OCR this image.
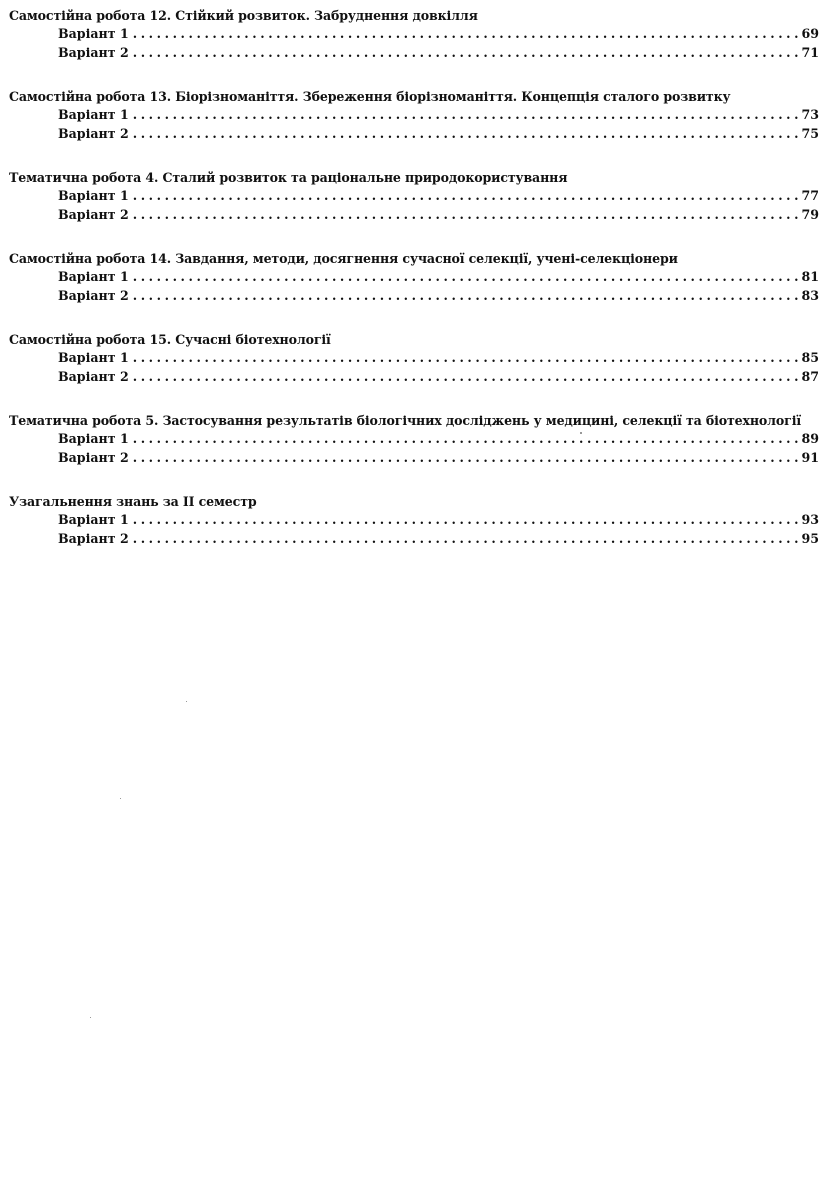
Самостійна робота 12. Стійкий розвиток. Забруднення довкілля
Варіант 1 . . .	69
Варіант 2 . . .	71
Самостійна робота 13. Біорізноманіття. Збереження біорізноманіття. Концепція сталого розвитку
Варіант 1 . . .	73
Варіант 2 . . .	75
Тематична робота 4. Сталий розвиток та раціональне природокористування
Варіант 1 . . .	77
Варіант 2 . . .	79
Самостійна робота 14. Завдання, методи, досягнення сучасної селекції, учені-селекціонери
Варіант 1 . . .	81
Варіант 2 . . .	83
Самостійна робота 15. Сучасні біотехнології
Варіант 1 . . .	85
Варіант 2 . . .	87
Тематична робота 5. Застосування результатів біологічних досліджень у медицині, селекції та біотехнології
Варіант 1 . . .	89
Варіант 2 . . .	91
Узагальнення знань за II семестр
Варіант 1 . . .	93
Варіант 2 . . .	95
